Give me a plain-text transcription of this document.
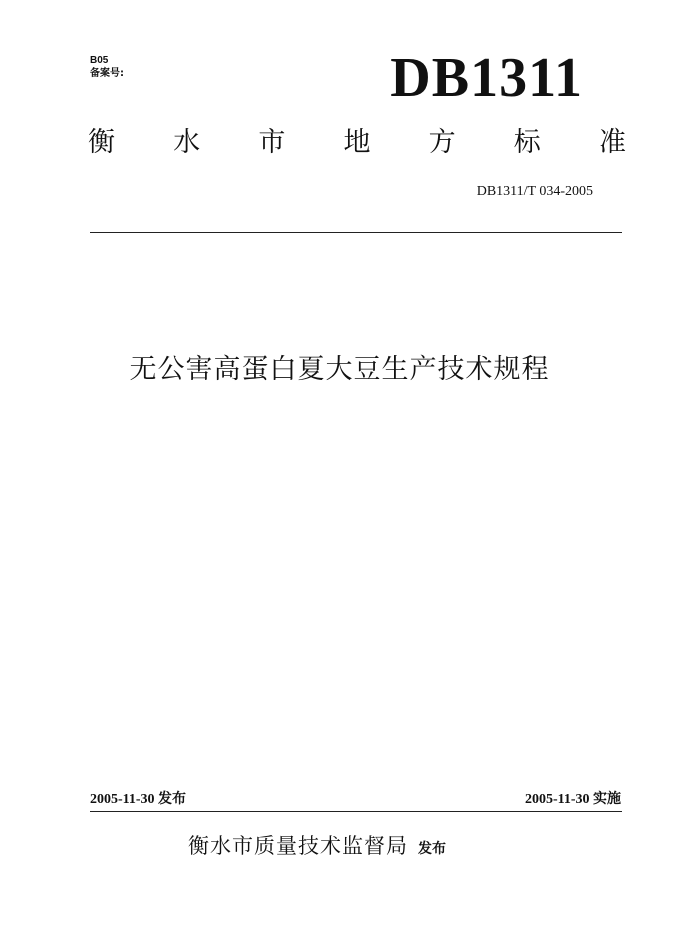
B05
备案号:	DB1311
衡 水 市 地 方 标 准
DB1311/T 034-2005
无公害高蛋白夏大豆生产技术规程
2005-11-30 发布	2005-11-30 实施
衡水市质量技术监督局 发布
